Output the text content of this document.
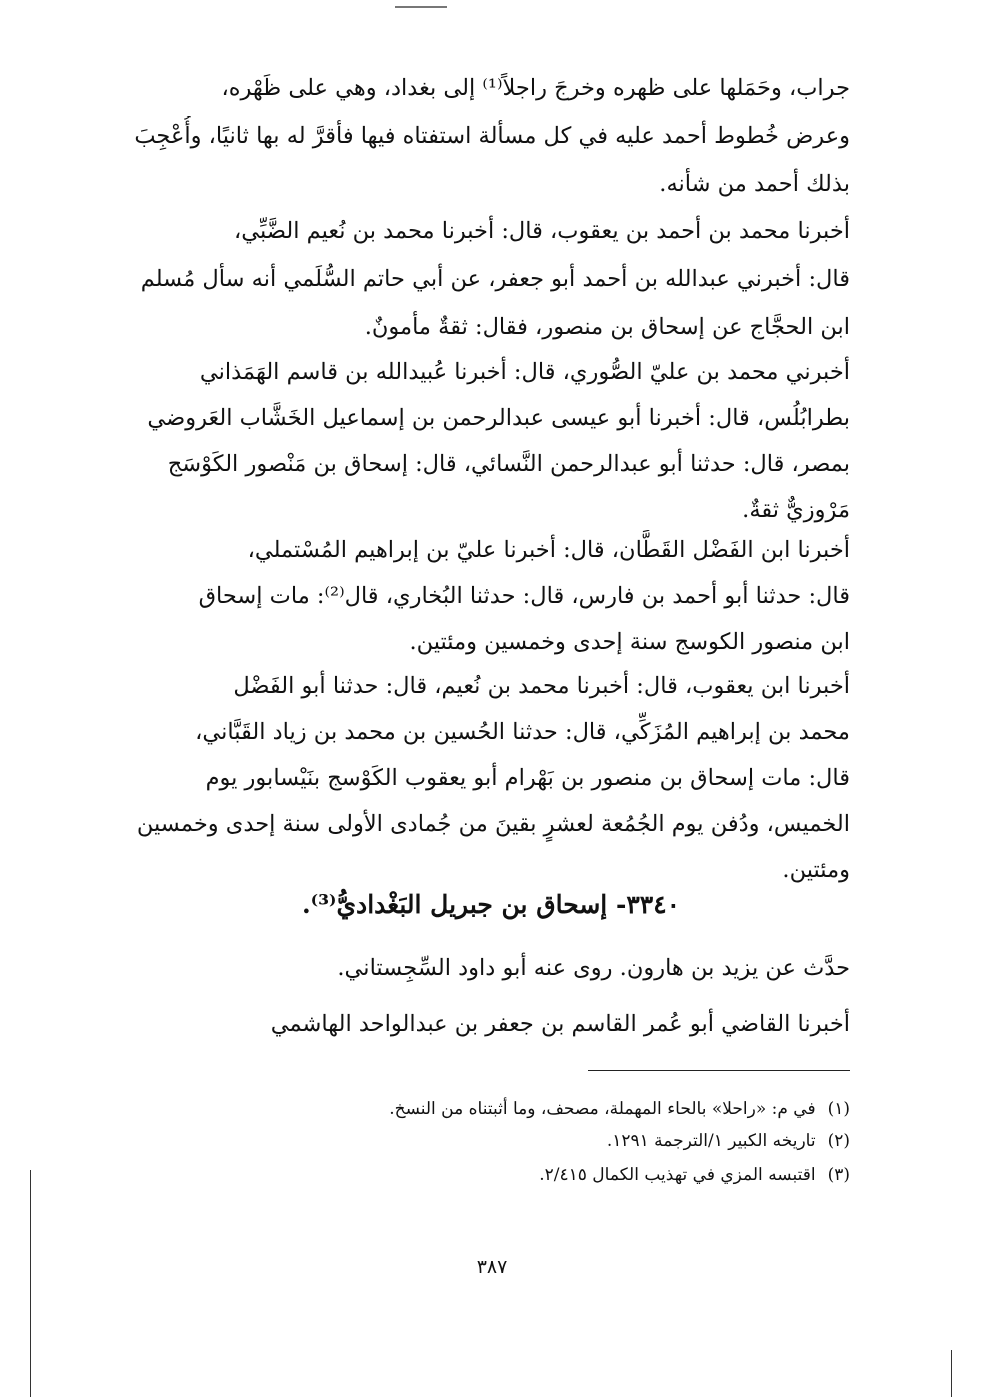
جراب، وحَمَلها على ظهره وخرجَ راجلاً⁽¹⁾ إلى بغداد، وهي على ظَهْره،
وعرض خُطوط أحمد عليه في كل مسألة استفتاه فيها فأقرَّ له بها ثانيًا، وأُعْجِبَ
بذلك أحمد من شأنه.
أخبرنا محمد بن أحمد بن يعقوب، قال: أخبرنا محمد بن نُعيم الضَّبِّي،
قال: أخبرني عبدالله بن أحمد أبو جعفر، عن أبي حاتم السُّلَمي أنه سأل مُسلم
ابن الحجَّاج عن إسحاق بن منصور، فقال: ثقةٌ مأمونٌ.
أخبرني محمد بن عليّ الصُّوري، قال: أخبرنا عُبيدالله بن قاسم الهَمَذاني
بطرابُلُس، قال: أخبرنا أبو عيسى عبدالرحمن بن إسماعيل الخَشَّاب العَروضي
بمصر، قال: حدثنا أبو عبدالرحمن النَّسائي، قال: إسحاق بن مَنْصور الكَوْسَج
مَرْوزيٌّ ثقةٌ.
أخبرنا ابن الفَضْل القَطَّان، قال: أخبرنا عليّ بن إبراهيم المُسْتملي،
قال: حدثنا أبو أحمد بن فارس، قال: حدثنا البُخاري، قال⁽²⁾: مات إسحاق
ابن منصور الكوسج سنة إحدى وخمسين ومئتين.
أخبرنا ابن يعقوب، قال: أخبرنا محمد بن نُعيم، قال: حدثنا أبو الفَضْل
محمد بن إبراهيم المُزَكِّي، قال: حدثنا الحُسين بن محمد بن زياد القَبَّاني،
قال: مات إسحاق بن منصور بن بَهْرام أبو يعقوب الكَوْسج بنَيْسابور يوم
الخميس، ودُفن يوم الجُمُعة لعشرٍ بقينَ من جُمادى الأولى سنة إحدى وخمسين
ومئتين.
٣٣٤٠- إسحاق بن جبريل البَغْداديُّ⁽³⁾.
حدَّث عن يزيد بن هارون. روى عنه أبو داود السِّجِستاني.
أخبرنا القاضي أبو عُمر القاسم بن جعفر بن عبدالواحد الهاشمي
(١)في م: «راحلا» بالحاء المهملة، مصحف، وما أثبتناه من النسخ.
(٢)تاريخه الكبير ١/الترجمة ١٢٩١.
(٣)اقتبسه المزي في تهذيب الكمال ٢/٤١٥.
٣٨٧
